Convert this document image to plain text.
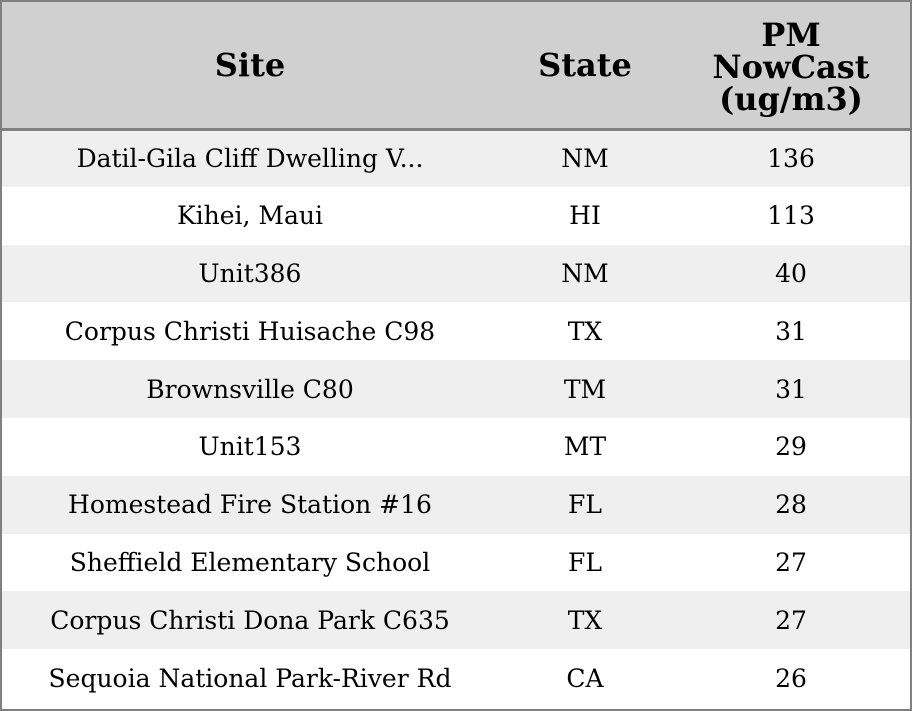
Site	State	PM
NowCast
(ug/m3)

Datil-Gila Cliff Dwelling V...	NM	136
Kihei, Maui	HI	113
Unit386	NM	40
Corpus Christi Huisache C98	TX	31
Brownsville C80	TM	31
Unit153	MT	29
Homestead Fire Station #16	FL	28
Sheffield Elementary School	FL	27
Corpus Christi Dona Park C635	TX	27
Sequoia National Park-River Rd	CA	26
